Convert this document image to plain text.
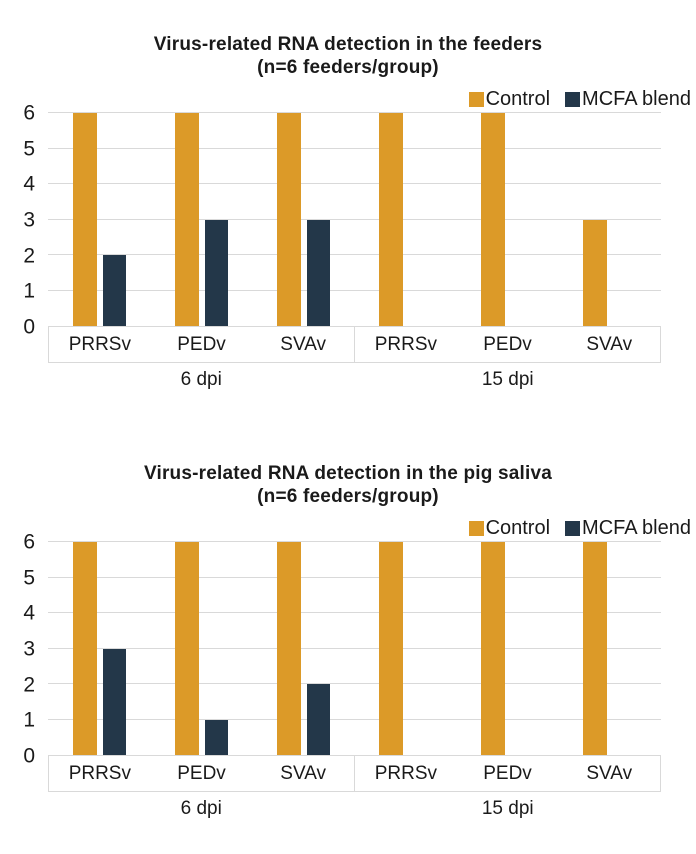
Virus-related RNA detection in the feeders
(n=6 feeders/group)
Control MCFA blend
6
5
4
3
2
1
0
PRRSv	PEDv	SVAv	PRRSv	PEDv	SVAv
6 dpi	15 dpi
Virus-related RNA detection in the pig saliva
(n=6 feeders/group)
Control MCFA blend
6
5
4
3
2
1
0
PRRSv	PEDv	SVAv	PRRSv	PEDv	SVAv
6 dpi	15 dpi
